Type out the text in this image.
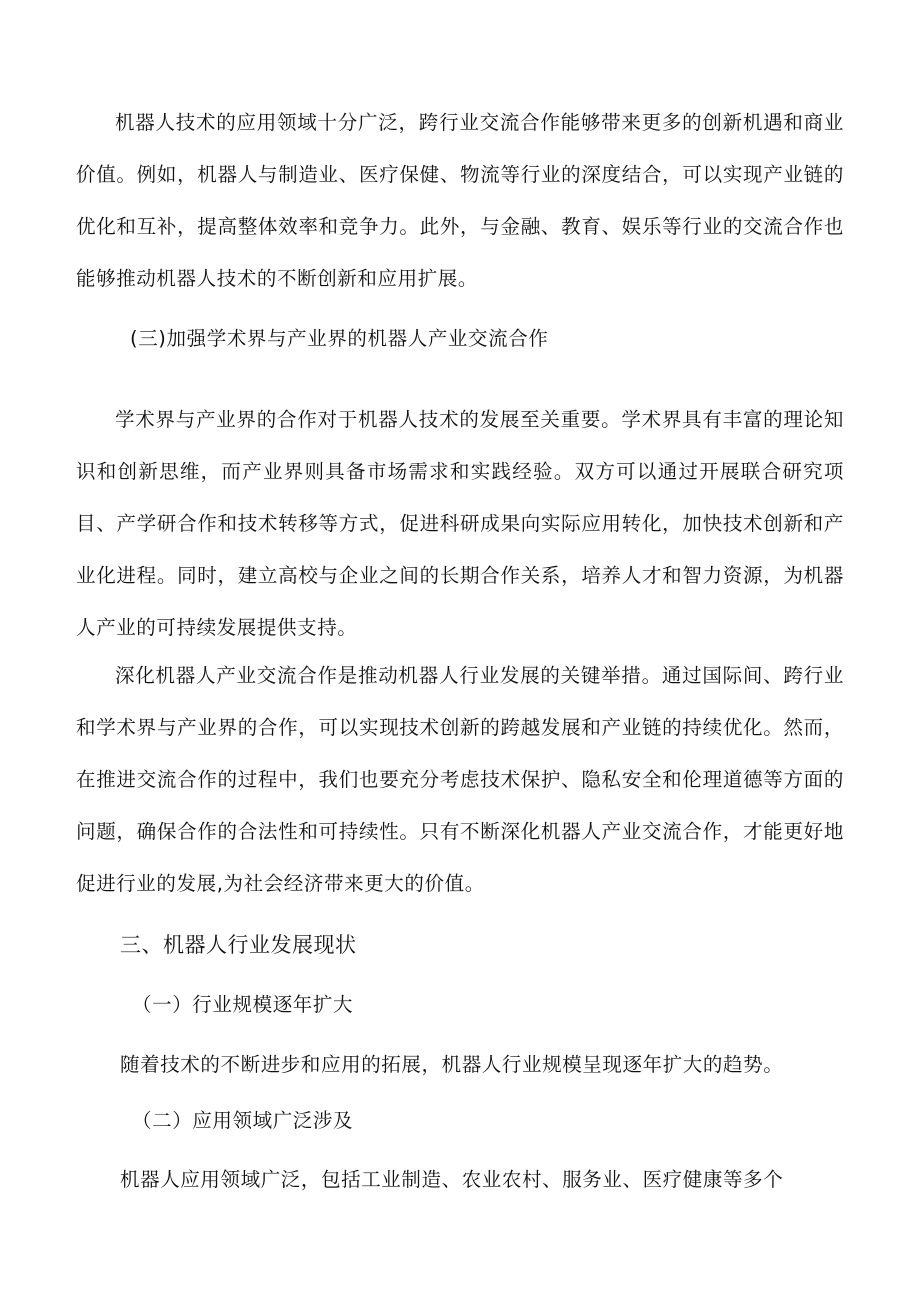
机器人技术的应用领域十分广泛，跨行业交流合作能够带来更多的创新机遇和商业价值。例如，机器人与制造业、医疗保健、物流等行业的深度结合，可以实现产业链的优化和互补，提高整体效率和竞争力。此外，与金融、教育、娱乐等行业的交流合作也能够推动机器人技术的不断创新和应用扩展。

(三)加强学术界与产业界的机器人产业交流合作

学术界与产业界的合作对于机器人技术的发展至关重要。学术界具有丰富的理论知识和创新思维，而产业界则具备市场需求和实践经验。双方可以通过开展联合研究项目、产学研合作和技术转移等方式，促进科研成果向实际应用转化，加快技术创新和产业化进程。同时，建立高校与企业之间的长期合作关系，培养人才和智力资源，为机器人产业的可持续发展提供支持。

深化机器人产业交流合作是推动机器人行业发展的关键举措。通过国际间、跨行业和学术界与产业界的合作，可以实现技术创新的跨越发展和产业链的持续优化。然而，在推进交流合作的过程中，我们也要充分考虑技术保护、隐私安全和伦理道德等方面的问题，确保合作的合法性和可持续性。只有不断深化机器人产业交流合作，才能更好地促进行业的发展,为社会经济带来更大的价值。

三、机器人行业发展现状

（一）行业规模逐年扩大

随着技术的不断进步和应用的拓展，机器人行业规模呈现逐年扩大的趋势。

（二）应用领域广泛涉及

机器人应用领域广泛，包括工业制造、农业农村、服务业、医疗健康等多个
